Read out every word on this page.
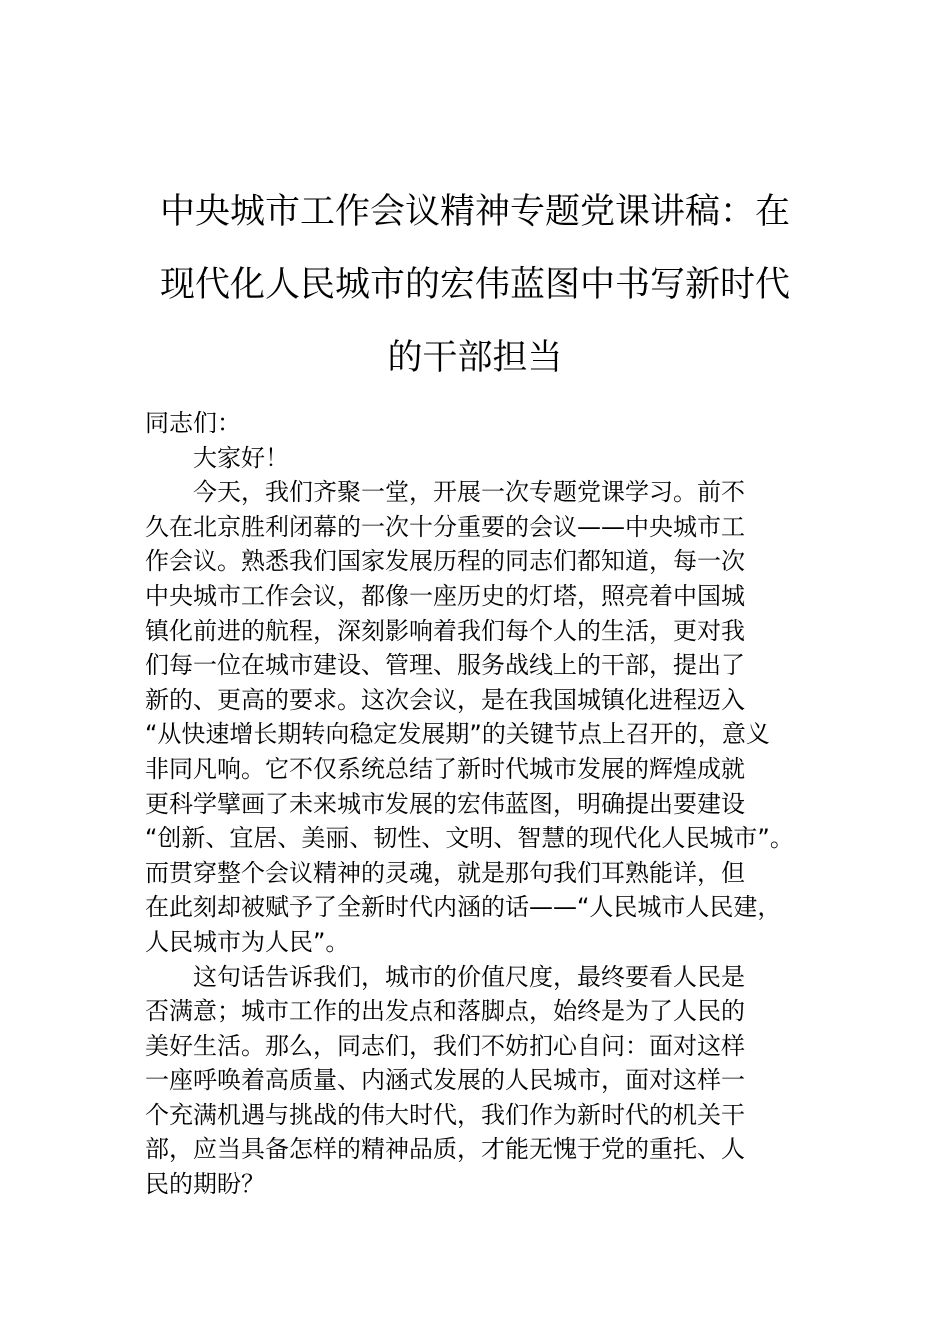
中央城市工作会议精神专题党课讲稿：在
现代化人民城市的宏伟蓝图中书写新时代
的干部担当

同志们：

大家好！

今天，我们齐聚一堂，开展一次专题党课学习。前不
久在北京胜利闭幕的一次十分重要的会议——中央城市工
作会议。熟悉我们国家发展历程的同志们都知道，每一次
中央城市工作会议，都像一座历史的灯塔，照亮着中国城
镇化前进的航程，深刻影响着我们每个人的生活，更对我
们每一位在城市建设、管理、服务战线上的干部，提出了
新的、更高的要求。这次会议，是在我国城镇化进程迈入
“从快速增长期转向稳定发展期”的关键节点上召开的，意义
非同凡响。它不仅系统总结了新时代城市发展的辉煌成就
更科学擘画了未来城市发展的宏伟蓝图，明确提出要建设
“创新、宜居、美丽、韧性、文明、智慧的现代化人民城市”。
而贯穿整个会议精神的灵魂，就是那句我们耳熟能详，但
在此刻却被赋予了全新时代内涵的话——“人民城市人民建，
人民城市为人民”。

这句话告诉我们，城市的价值尺度，最终要看人民是
否满意；城市工作的出发点和落脚点，始终是为了人民的
美好生活。那么，同志们，我们不妨扪心自问：面对这样
一座呼唤着高质量、内涵式发展的人民城市，面对这样一
个充满机遇与挑战的伟大时代，我们作为新时代的机关干
部，应当具备怎样的精神品质，才能无愧于党的重托、人
民的期盼？
